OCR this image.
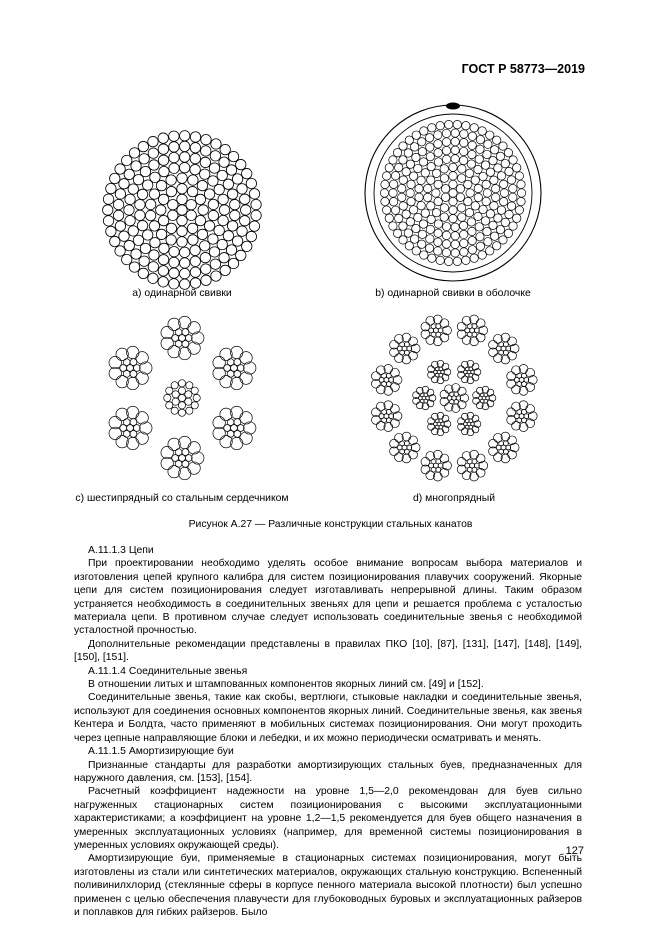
ГОСТ Р 58773—2019
а) одинарной свивки	b) одинарной свивки в оболочке
c) шестипрядный со стальным сердечником	d) многопрядный
Рисунок А.27 — Различные конструкции стальных канатов

А.11.1.3 Цепи

При проектировании необходимо уделять особое внимание вопросам выбора материалов и изготовления цепей крупного калибра для систем позиционирования плавучих сооружений. Якорные цепи для систем позиционирования следует изготавливать непрерывной длины. Таким образом устраняется необходимость в соединительных звеньях для цепи и решается проблема с усталостью материала цепи. В противном случае следует использовать соединительные звенья с необходимой усталостной прочностью.

Дополнительные рекомендации представлены в правилах ПКО [10], [87], [131], [147], [148], [149], [150], [151].

А.11.1.4 Соединительные звенья

В отношении литых и штампованных компонентов якорных линий см. [49] и [152].

Соединительные звенья, такие как скобы, вертлюги, стыковые накладки и соединительные звенья, используют для соединения основных компонентов якорных линий. Соединительные звенья, как звенья Кентера и Болдта, часто применяют в мобильных системах позиционирования. Они могут проходить через цепные направляющие блоки и лебедки, и их можно периодически осматривать и менять.

А.11.1.5 Амортизирующие буи

Признанные стандарты для разработки амортизирующих стальных буев, предназначенных для наружного давления, см. [153], [154].

Расчетный коэффициент надежности на уровне 1,5—2,0 рекомендован для буев сильно нагруженных стационарных систем позиционирования с высокими эксплуатационными характеристиками; а коэффициент на уровне 1,2—1,5 рекомендуется для буев общего назначения в умеренных эксплуатационных условиях (например, для временной системы позиционирования в умеренных условиях окружающей среды).

Амортизирующие буи, применяемые в стационарных системах позиционирования, могут быть изготовлены из стали или синтетических материалов, окружающих стальную конструкцию. Вспененный поливинилхлорид (стеклянные сферы в корпусе пенного материала высокой плотности) был успешно применен с целью обеспечения плавучести для глубоководных буровых и эксплуатационных райзеров и поплавков для гибких райзеров. Было

127
